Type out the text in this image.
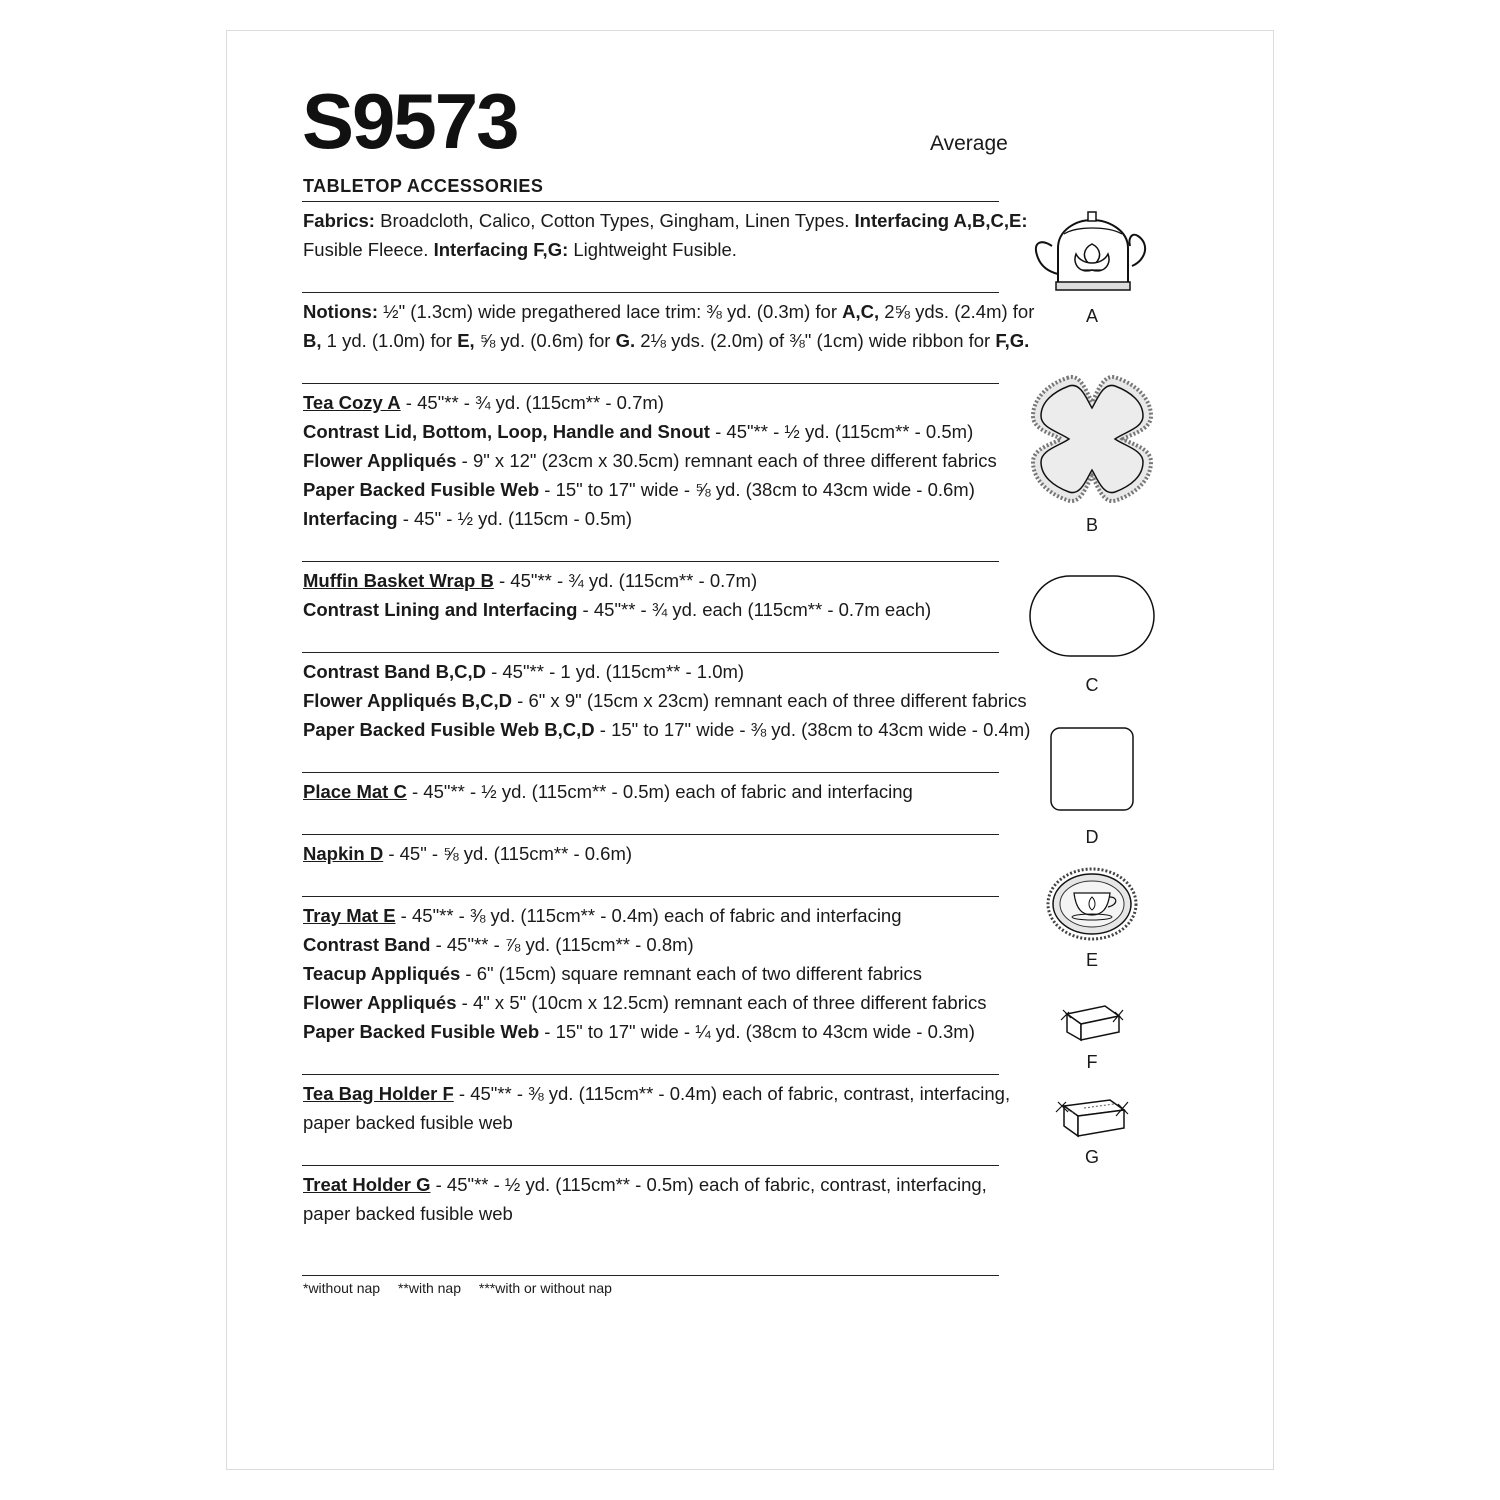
S9573	Average
TABLETOP ACCESSORIES
Fabrics: Broadcloth, Calico, Cotton Types, Gingham, Linen Types. Interfacing A,B,C,E:
Fusible Fleece. Interfacing F,G: Lightweight Fusible.
Notions: ½" (1.3cm) wide pregathered lace trim: ⅜ yd. (0.3m) for A,C, 2⅝ yds. (2.4m) for
B, 1 yd. (1.0m) for E, ⅝ yd. (0.6m) for G. 2⅛ yds. (2.0m) of ⅜" (1cm) wide ribbon for F,G.
Tea Cozy A - 45"** - ¾ yd. (115cm** - 0.7m)
Contrast Lid, Bottom, Loop, Handle and Snout - 45"** - ½ yd. (115cm** - 0.5m)
Flower Appliqués - 9" x 12" (23cm x 30.5cm) remnant each of three different fabrics
Paper Backed Fusible Web - 15" to 17" wide - ⅝ yd. (38cm to 43cm wide - 0.6m)
Interfacing - 45" - ½ yd. (115cm - 0.5m)
Muffin Basket Wrap B - 45"** - ¾ yd. (115cm** - 0.7m)
Contrast Lining and Interfacing - 45"** - ¾ yd. each (115cm** - 0.7m each)
Contrast Band B,C,D - 45"** - 1 yd. (115cm** - 1.0m)
Flower Appliqués B,C,D - 6" x 9" (15cm x 23cm) remnant each of three different fabrics
Paper Backed Fusible Web B,C,D - 15" to 17" wide - ⅜ yd. (38cm to 43cm wide - 0.4m)
Place Mat C - 45"** - ½ yd. (115cm** - 0.5m) each of fabric and interfacing
Napkin D - 45" - ⅝ yd. (115cm** - 0.6m)
Tray Mat E - 45"** - ⅜ yd. (115cm** - 0.4m) each of fabric and interfacing
Contrast Band - 45"** - ⅞ yd. (115cm** - 0.8m)
Teacup Appliqués - 6" (15cm) square remnant each of two different fabrics
Flower Appliqués - 4" x 5" (10cm x 12.5cm) remnant each of three different fabrics
Paper Backed Fusible Web - 15" to 17" wide - ¼ yd. (38cm to 43cm wide - 0.3m)
Tea Bag Holder F - 45"** - ⅜ yd. (115cm** - 0.4m) each of fabric, contrast, interfacing,
paper backed fusible web
Treat Holder G - 45"** - ½ yd. (115cm** - 0.5m) each of fabric, contrast, interfacing,
paper backed fusible web
*without nap **with nap ***with or without nap
A
B
C
D
E
F
G
